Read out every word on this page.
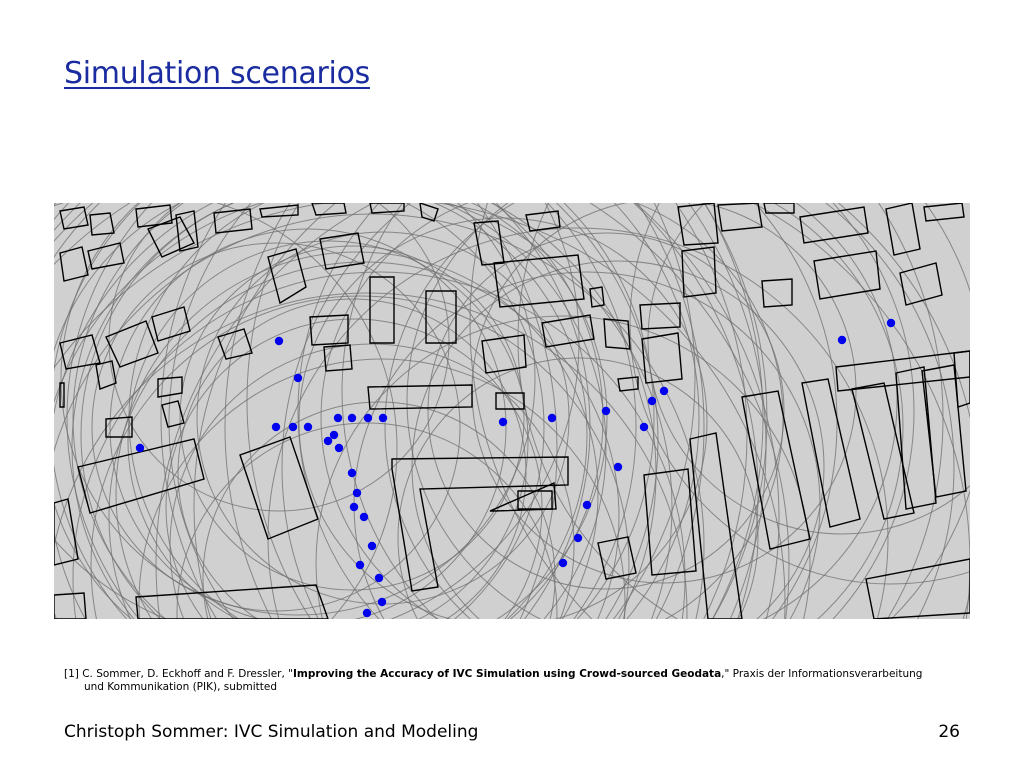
Simulation scenarios

[1] C. Sommer, D. Eckhoff and F. Dressler, "Improving the Accuracy of IVC Simulation using Crowd-sourced Geodata," Praxis der Informationsverarbeitung
und Kommunikation (PIK), submitted

Christoph Sommer: IVC Simulation and Modeling	26
